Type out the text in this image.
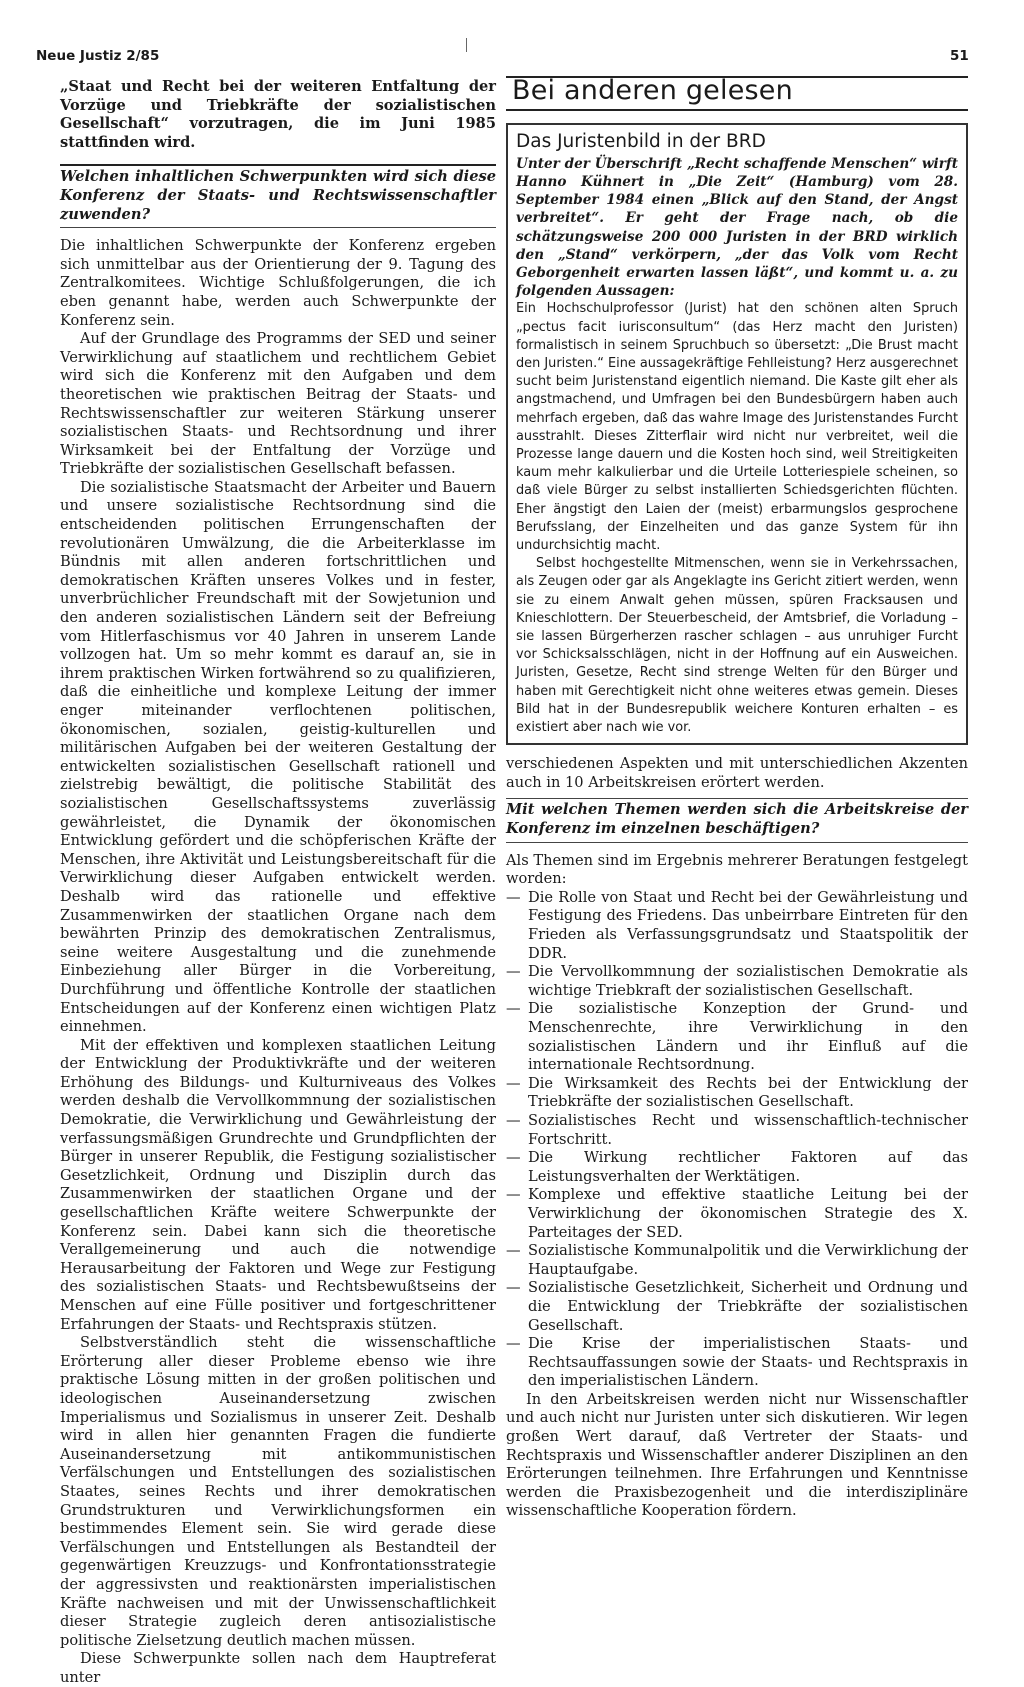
Neue Justiz 2/85	51

„Staat und Recht bei der weiteren Entfaltung der Vorzüge und Triebkräfte der sozialistischen Gesellschaft“ vorzutragen, die im Juni 1985 stattfinden wird.

Welchen inhaltlichen Schwerpunkten wird sich diese Konferenz der Staats- und Rechtswissenschaftler zuwenden?

Die inhaltlichen Schwerpunkte der Konferenz ergeben sich unmittelbar aus der Orientierung der 9. Tagung des Zentralkomitees. Wichtige Schlußfolgerungen, die ich eben genannt habe, werden auch Schwerpunkte der Konferenz sein.

Auf der Grundlage des Programms der SED und seiner Verwirklichung auf staatlichem und rechtlichem Gebiet wird sich die Konferenz mit den Aufgaben und dem theoretischen wie praktischen Beitrag der Staats- und Rechtswissenschaftler zur weiteren Stärkung unserer sozialistischen Staats- und Rechtsordnung und ihrer Wirksamkeit bei der Entfaltung der Vorzüge und Triebkräfte der sozialistischen Gesellschaft befassen.

Die sozialistische Staatsmacht der Arbeiter und Bauern und unsere sozialistische Rechtsordnung sind die entscheidenden politischen Errungenschaften der revolutionären Umwälzung, die die Arbeiterklasse im Bündnis mit allen anderen fortschrittlichen und demokratischen Kräften unseres Volkes und in fester, unverbrüchlicher Freundschaft mit der Sowjetunion und den anderen sozialistischen Ländern seit der Befreiung vom Hitlerfaschismus vor 40 Jahren in unserem Lande vollzogen hat. Um so mehr kommt es darauf an, sie in ihrem praktischen Wirken fortwährend so zu qualifizieren, daß die einheitliche und komplexe Leitung der immer enger miteinander verflochtenen politischen, ökonomischen, sozialen, geistig-kulturellen und militärischen Aufgaben bei der weiteren Gestaltung der entwickelten sozialistischen Gesellschaft rationell und zielstrebig bewältigt, die politische Stabilität des sozialistischen Gesellschaftssystems zuverlässig gewährleistet, die Dynamik der ökonomischen Entwicklung gefördert und die schöpferischen Kräfte der Menschen, ihre Aktivität und Leistungsbereitschaft für die Verwirklichung dieser Aufgaben entwickelt werden. Deshalb wird das rationelle und effektive Zusammenwirken der staatlichen Organe nach dem bewährten Prinzip des demokratischen Zentralismus, seine weitere Ausgestaltung und die zunehmende Einbeziehung aller Bürger in die Vorbereitung, Durchführung und öffentliche Kontrolle der staatlichen Entscheidungen auf der Konferenz einen wichtigen Platz einnehmen.

Mit der effektiven und komplexen staatlichen Leitung der Entwicklung der Produktivkräfte und der weiteren Erhöhung des Bildungs- und Kulturniveaus des Volkes werden deshalb die Vervollkommnung der sozialistischen Demokratie, die Verwirklichung und Gewährleistung der verfassungsmäßigen Grundrechte und Grundpflichten der Bürger in unserer Republik, die Festigung sozialistischer Gesetzlichkeit, Ordnung und Disziplin durch das Zusammenwirken der staatlichen Organe und der gesellschaftlichen Kräfte weitere Schwerpunkte der Konferenz sein. Dabei kann sich die theoretische Verallgemeinerung und auch die notwendige Herausarbeitung der Faktoren und Wege zur Festigung des sozialistischen Staats- und Rechtsbewußtseins der Menschen auf eine Fülle positiver und fortgeschrittener Erfahrungen der Staats- und Rechtspraxis stützen.

Selbstverständlich steht die wissenschaftliche Erörterung aller dieser Probleme ebenso wie ihre praktische Lösung mitten in der großen politischen und ideologischen Auseinandersetzung zwischen Imperialismus und Sozialismus in unserer Zeit. Deshalb wird in allen hier genannten Fragen die fundierte Auseinandersetzung mit antikommunistischen Verfälschungen und Entstellungen des sozialistischen Staates, seines Rechts und ihrer demokratischen Grundstrukturen und Verwirklichungsformen ein bestimmendes Element sein. Sie wird gerade diese Verfälschungen und Entstellungen als Bestandteil der gegenwärtigen Kreuzzugs- und Konfrontationsstrategie der aggressivsten und reaktionärsten imperialistischen Kräfte nachweisen und mit der Unwissenschaftlichkeit dieser Strategie zugleich deren antisozialistische politische Zielsetzung deutlich machen müssen.

Diese Schwerpunkte sollen nach dem Hauptreferat unter

Bei anderen gelesen
Das Juristenbild in der BRD

Unter der Überschrift „Recht schaffende Menschen“ wirft Hanno Kühnert in „Die Zeit“ (Hamburg) vom 28. September 1984 einen „Blick auf den Stand, der Angst verbreitet“. Er geht der Frage nach, ob die schätzungsweise 200 000 Juristen in der BRD wirklich den „Stand“ verkörpern, „der das Volk vom Recht Geborgenheit erwarten lassen läßt“, und kommt u. a. zu folgenden Aussagen:

Ein Hochschulprofessor (Jurist) hat den schönen alten Spruch „pectus facit iurisconsultum“ (das Herz macht den Juristen) formalistisch in seinem Spruchbuch so übersetzt: „Die Brust macht den Juristen.“ Eine aussagekräftige Fehlleistung? Herz ausgerechnet sucht beim Juristenstand eigentlich niemand. Die Kaste gilt eher als angstmachend, und Umfragen bei den Bundesbürgern haben auch mehrfach ergeben, daß das wahre Image des Juristenstandes Furcht ausstrahlt. Dieses Zitterflair wird nicht nur verbreitet, weil die Prozesse lange dauern und die Kosten hoch sind, weil Streitigkeiten kaum mehr kalkulierbar und die Urteile Lotteriespiele scheinen, so daß viele Bürger zu selbst installierten Schiedsgerichten flüchten. Eher ängstigt den Laien der (meist) erbarmungslos gesprochene Berufsslang, der Einzelheiten und das ganze System für ihn undurchsichtig macht.

Selbst hochgestellte Mitmenschen, wenn sie in Verkehrssachen, als Zeugen oder gar als Angeklagte ins Gericht zitiert werden, wenn sie zu einem Anwalt gehen müssen, spüren Fracksausen und Knieschlottern. Der Steuerbescheid, der Amtsbrief, die Vorladung – sie lassen Bürgerherzen rascher schlagen – aus unruhiger Furcht vor Schicksalsschlägen, nicht in der Hoffnung auf ein Ausweichen. Juristen, Gesetze, Recht sind strenge Welten für den Bürger und haben mit Gerechtigkeit nicht ohne weiteres etwas gemein. Dieses Bild hat in der Bundesrepublik weichere Konturen erhalten – es existiert aber nach wie vor.

verschiedenen Aspekten und mit unterschiedlichen Akzenten auch in 10 Arbeitskreisen erörtert werden.

Mit welchen Themen werden sich die Arbeitskreise der Konferenz im einzelnen beschäftigen?

Als Themen sind im Ergebnis mehrerer Beratungen festgelegt worden:

— Die Rolle von Staat und Recht bei der Gewährleistung und Festigung des Friedens. Das unbeirrbare Eintreten für den Frieden als Verfassungsgrundsatz und Staatspolitik der DDR.
— Die Vervollkommnung der sozialistischen Demokratie als wichtige Triebkraft der sozialistischen Gesellschaft.
— Die sozialistische Konzeption der Grund- und Menschenrechte, ihre Verwirklichung in den sozialistischen Ländern und ihr Einfluß auf die internationale Rechtsordnung.
— Die Wirksamkeit des Rechts bei der Entwicklung der Triebkräfte der sozialistischen Gesellschaft.
— Sozialistisches Recht und wissenschaftlich-technischer Fortschritt.
— Die Wirkung rechtlicher Faktoren auf das Leistungsverhalten der Werktätigen.
— Komplexe und effektive staatliche Leitung bei der Verwirklichung der ökonomischen Strategie des X. Parteitages der SED.
— Sozialistische Kommunalpolitik und die Verwirklichung der Hauptaufgabe.
— Sozialistische Gesetzlichkeit, Sicherheit und Ordnung und die Entwicklung der Triebkräfte der sozialistischen Gesellschaft.
— Die Krise der imperialistischen Staats- und Rechtsauffassungen sowie der Staats- und Rechtspraxis in den imperialistischen Ländern.

In den Arbeitskreisen werden nicht nur Wissenschaftler und auch nicht nur Juristen unter sich diskutieren. Wir legen großen Wert darauf, daß Vertreter der Staats- und Rechtspraxis und Wissenschaftler anderer Disziplinen an den Erörterungen teilnehmen. Ihre Erfahrungen und Kenntnisse werden die Praxisbezogenheit und die interdisziplinäre wissenschaftliche Kooperation fördern.
